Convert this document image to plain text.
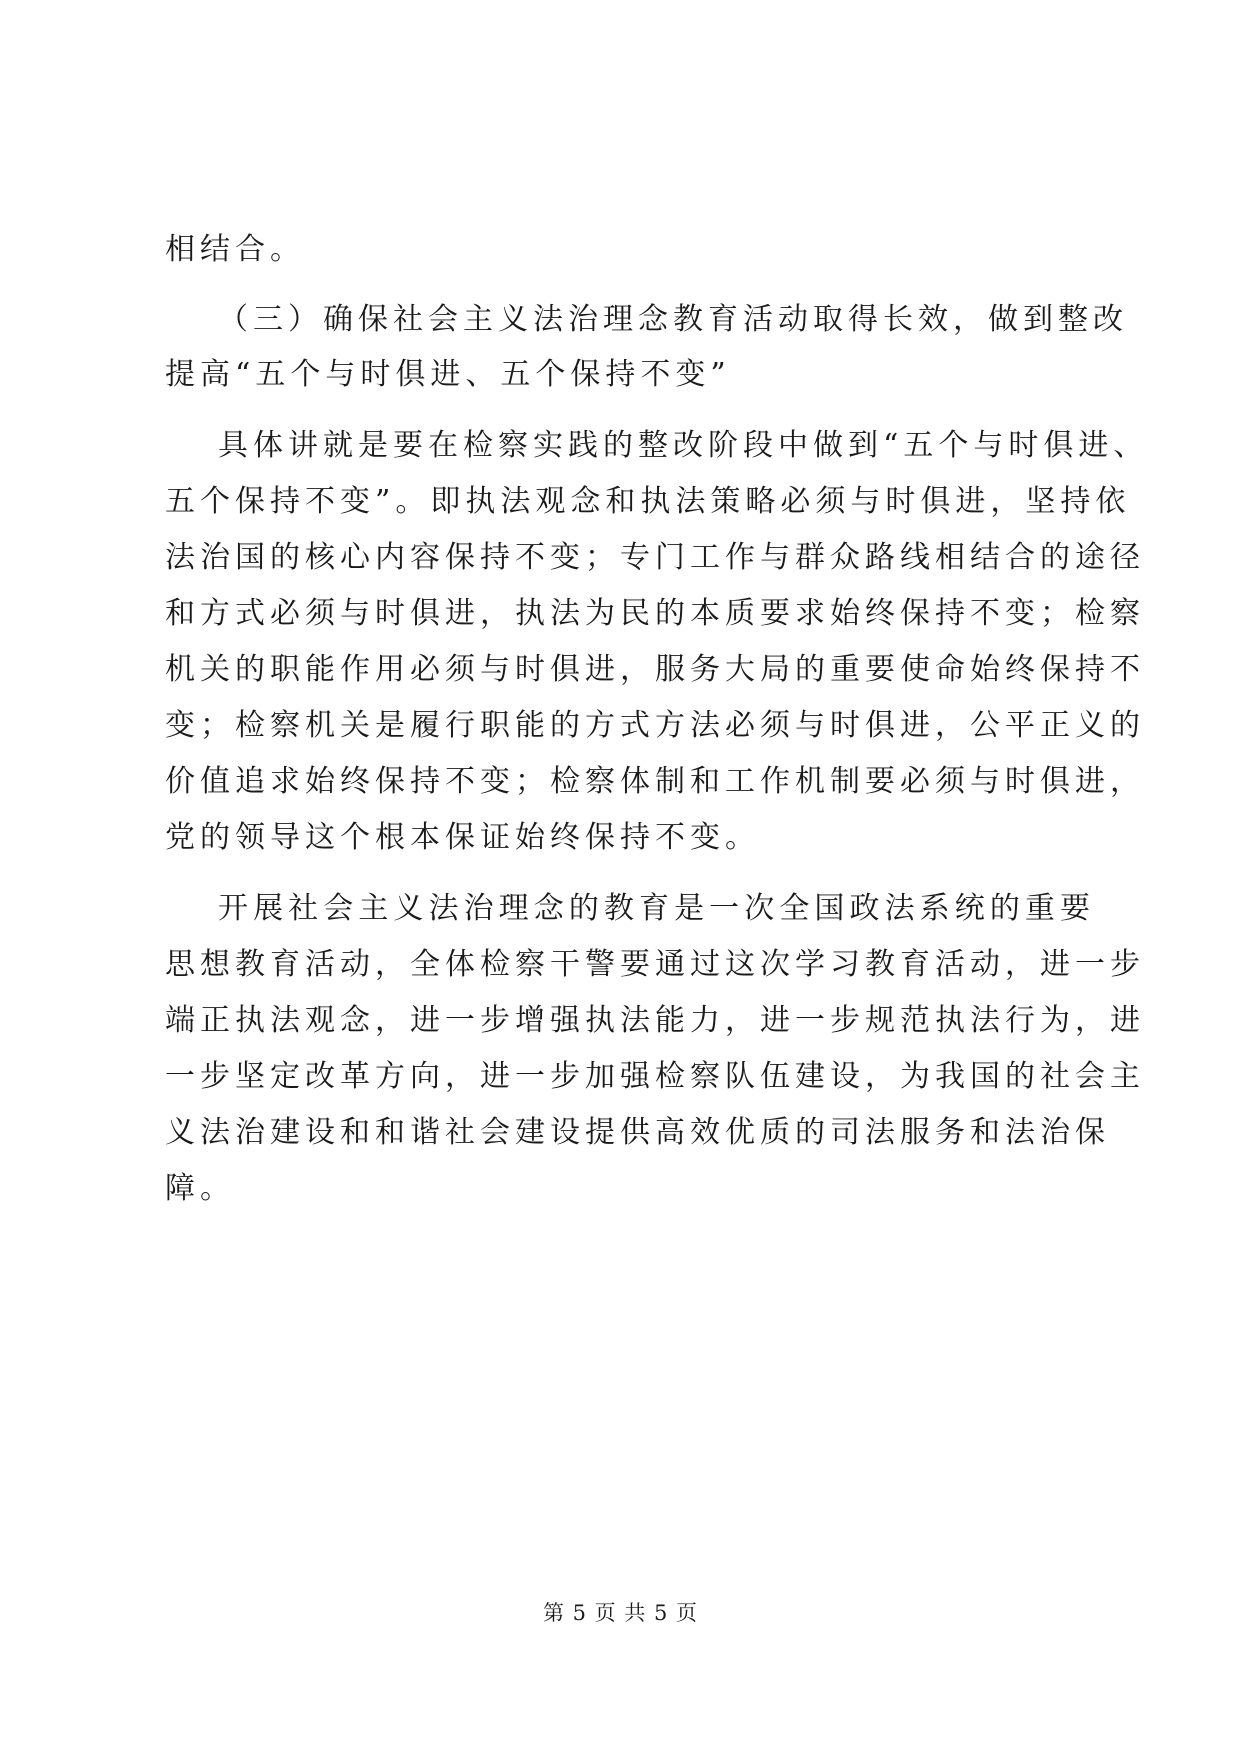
相结合。
（三）确保社会主义法治理念教育活动取得长效，做到整改
提高“五个与时俱进、五个保持不变”
具体讲就是要在检察实践的整改阶段中做到“五个与时俱进、
五个保持不变”。即执法观念和执法策略必须与时俱进，坚持依
法治国的核心内容保持不变；专门工作与群众路线相结合的途径
和方式必须与时俱进，执法为民的本质要求始终保持不变；检察
机关的职能作用必须与时俱进，服务大局的重要使命始终保持不
变；检察机关是履行职能的方式方法必须与时俱进，公平正义的
价值追求始终保持不变；检察体制和工作机制要必须与时俱进，
党的领导这个根本保证始终保持不变。
开展社会主义法治理念的教育是一次全国政法系统的重要
思想教育活动，全体检察干警要通过这次学习教育活动，进一步
端正执法观念，进一步增强执法能力，进一步规范执法行为，进
一步坚定改革方向，进一步加强检察队伍建设，为我国的社会主
义法治建设和和谐社会建设提供高效优质的司法服务和法治保
障。
第 5 页 共 5 页
